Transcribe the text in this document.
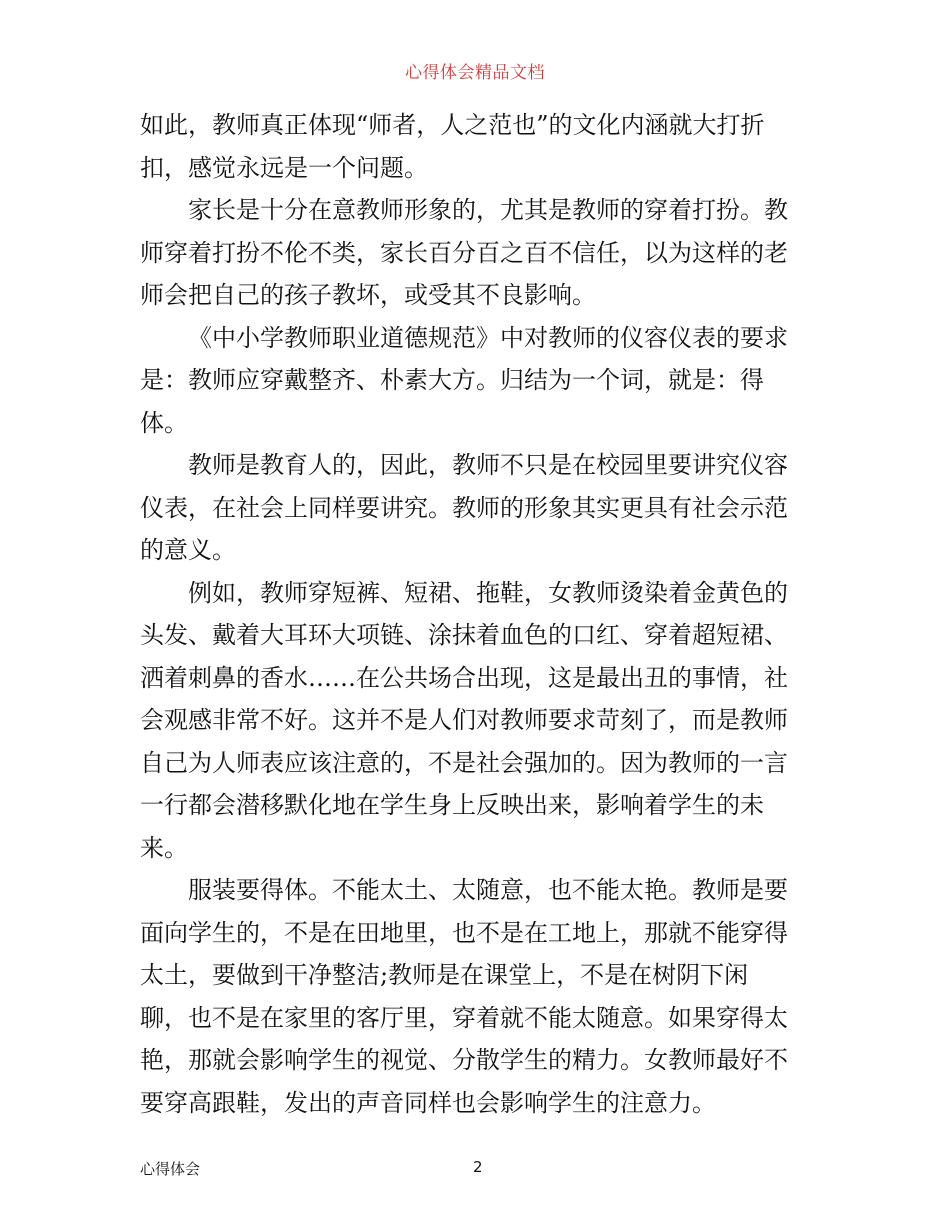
心得体会精品文档

如此，教师真正体现“师者，人之范也”的文化内涵就大打折
扣，感觉永远是一个问题。

家长是十分在意教师形象的，尤其是教师的穿着打扮。教
师穿着打扮不伦不类，家长百分百之百不信任，以为这样的老
师会把自己的孩子教坏，或受其不良影响。

《中小学教师职业道德规范》中对教师的仪容仪表的要求
是：教师应穿戴整齐、朴素大方。归结为一个词，就是：得
体。

教师是教育人的，因此，教师不只是在校园里要讲究仪容
仪表，在社会上同样要讲究。教师的形象其实更具有社会示范
的意义。

例如，教师穿短裤、短裙、拖鞋，女教师烫染着金黄色的
头发、戴着大耳环大项链、涂抹着血色的口红、穿着超短裙、
洒着刺鼻的香水……在公共场合出现，这是最出丑的事情，社
会观感非常不好。这并不是人们对教师要求苛刻了，而是教师
自己为人师表应该注意的，不是社会强加的。因为教师的一言
一行都会潜移默化地在学生身上反映出来，影响着学生的未
来。

服装要得体。不能太土、太随意，也不能太艳。教师是要
面向学生的，不是在田地里，也不是在工地上，那就不能穿得
太土，要做到干净整洁;教师是在课堂上，不是在树阴下闲
聊，也不是在家里的客厅里，穿着就不能太随意。如果穿得太
艳，那就会影响学生的视觉、分散学生的精力。女教师最好不
要穿高跟鞋，发出的声音同样也会影响学生的注意力。

心得体会	2
